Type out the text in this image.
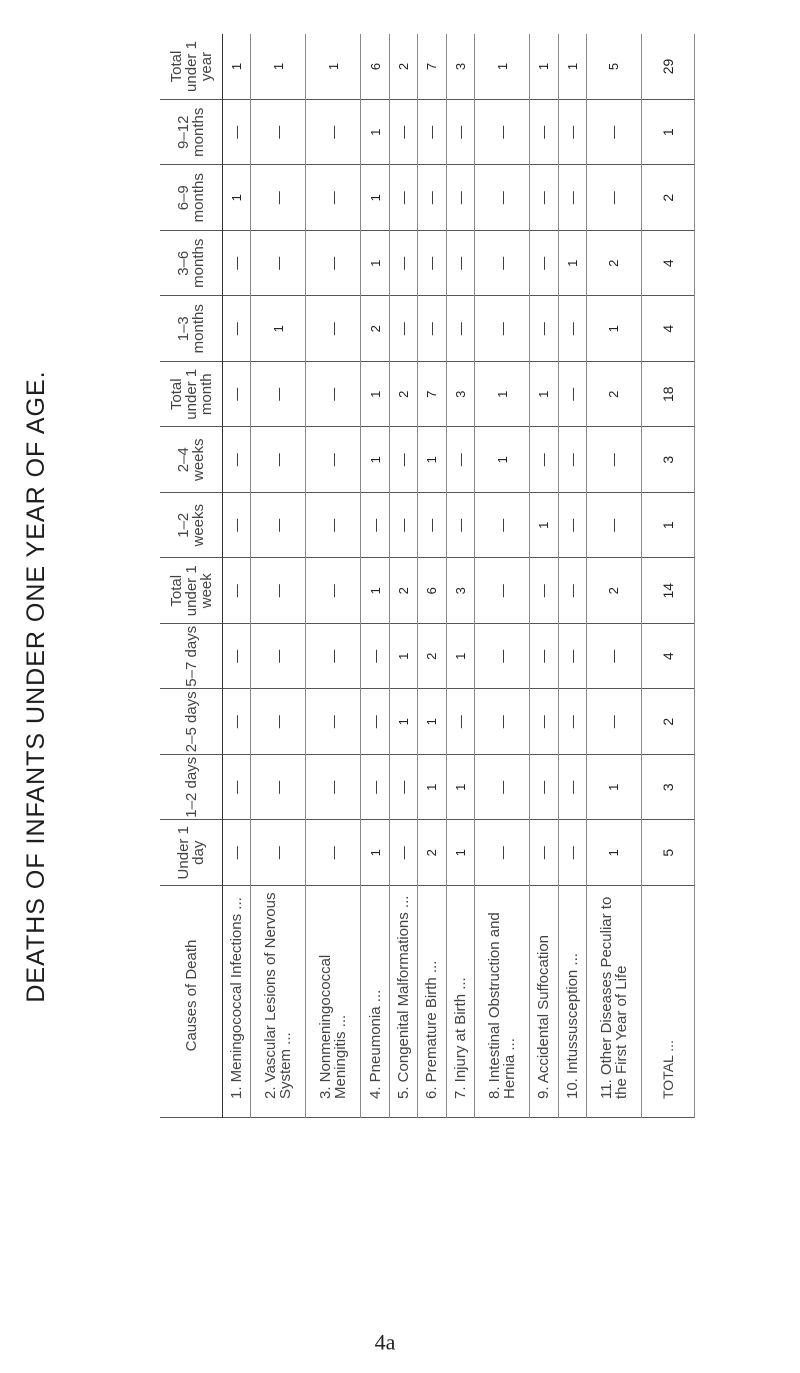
DEATHS OF INFANTS UNDER ONE YEAR OF AGE.	Causes of Death	Under 1 day	1–2 days	2–5 days	5–7 days	Total under 1 week	1–2 weeks	2–4 weeks	Total under 1 month	1–3 months	3–6 months	6–9 months	9–12 months	Total under 1 year
1. Meningococcal Infections ...	—	—	—	—	—	—	—	—	—	—	1	—	1
2. Vascular Lesions of Nervous System ...	—	—	—	—	—	—	—	—	1	—	—	—	1
3. Nonmeningococcal Meningitis ...	—	—	—	—	—	—	—	—	—	—	—	—	1
4. Pneumonia ...	1	—	—	—	1	—	1	1	2	1	1	1	6
5. Congenital Malformations ...	—	—	1	1	2	—	—	2	—	—	—	—	2
6. Premature Birth ...	2	1	1	2	6	—	1	7	—	—	—	—	7
7. Injury at Birth ...	1	1	—	1	3	—	—	3	—	—	—	—	3
8. Intestinal Obstruction and Hernia ...	—	—	—	—	—	—	1	1	—	—	—	—	1
9. Accidental Suffocation	—	—	—	—	—	1	—	1	—	—	—	—	1
10. Intussusception ...	—	—	—	—	—	—	—	—	—	1	—	—	1
11. Other Diseases Peculiar to the First Year of Life	1	1	—	—	2	—	—	2	1	2	—	—	5
TOTAL ...	5	3	2	4	14	1	3	18	4	4	2	1	29
4a
